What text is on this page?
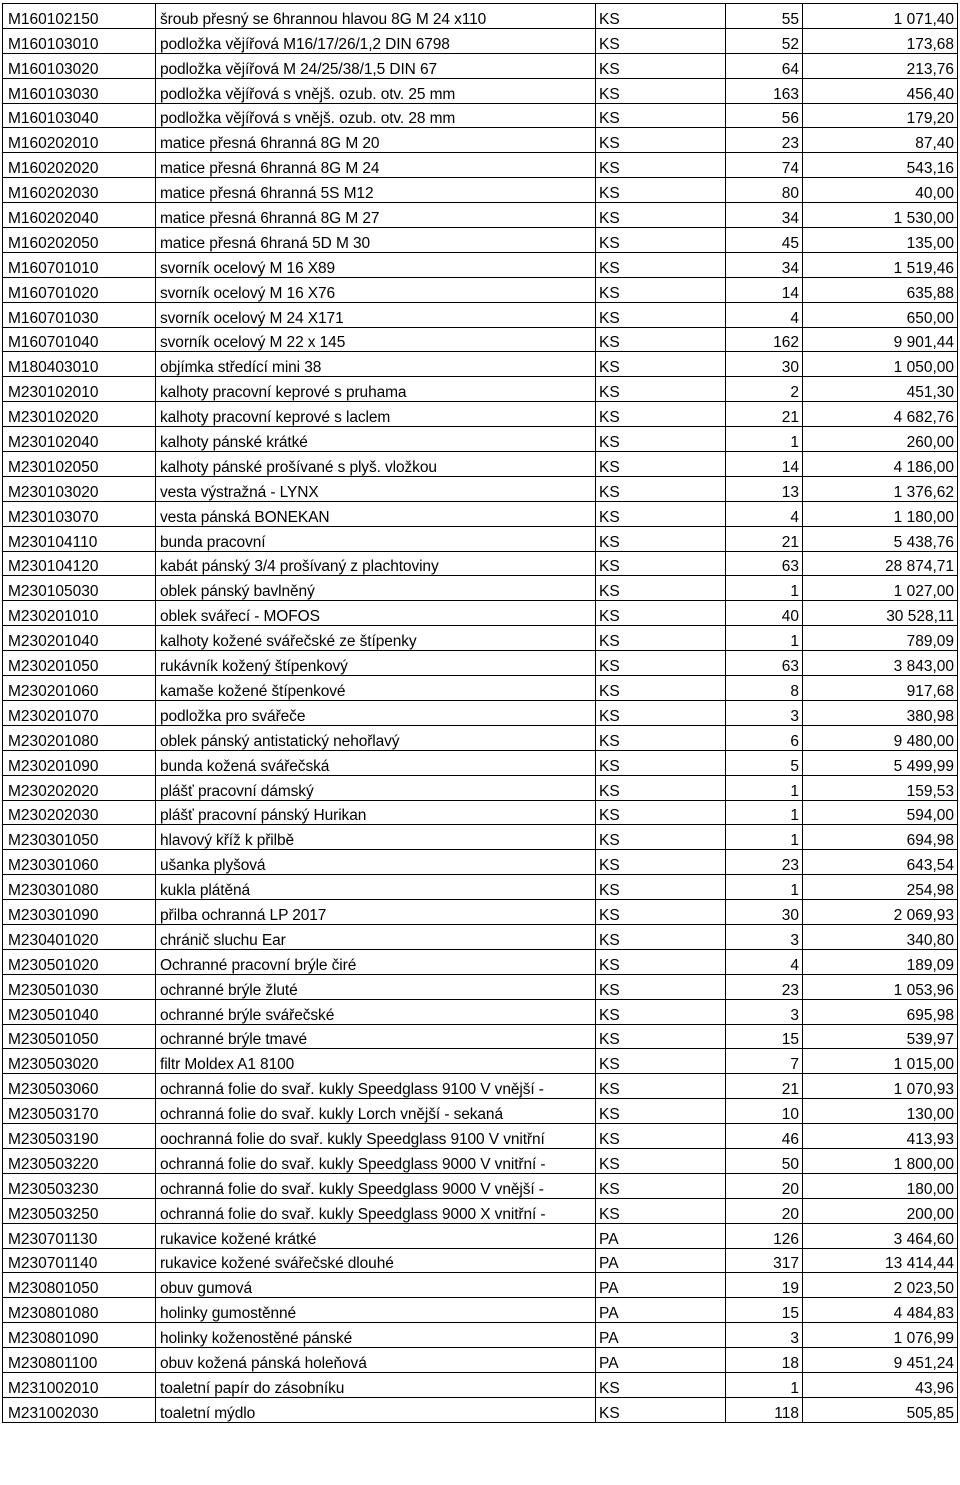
M160102150	šroub přesný se 6hrannou hlavou 8G M 24 x110	KS	55	1 071,40
M160103010	podložka vějířová M16/17/26/1,2 DIN 6798	KS	52	173,68
M160103020	podložka vějířová M 24/25/38/1,5 DIN 67	KS	64	213,76
M160103030	podložka vějířová s vnějš. ozub. otv. 25 mm	KS	163	456,40
M160103040	podložka vějířová s vnějš. ozub. otv. 28 mm	KS	56	179,20
M160202010	matice přesná 6hranná 8G M 20	KS	23	87,40
M160202020	matice přesná 6hranná 8G M 24	KS	74	543,16
M160202030	matice přesná 6hranná 5S M12	KS	80	40,00
M160202040	matice přesná 6hranná 8G M 27	KS	34	1 530,00
M160202050	matice přesná 6hraná 5D M 30	KS	45	135,00
M160701010	svorník ocelový M 16 X89	KS	34	1 519,46
M160701020	svorník ocelový M 16 X76	KS	14	635,88
M160701030	svorník ocelový M 24 X171	KS	4	650,00
M160701040	svorník ocelový M 22 x 145	KS	162	9 901,44
M180403010	objímka středící mini 38	KS	30	1 050,00
M230102010	kalhoty pracovní keprové s pruhama	KS	2	451,30
M230102020	kalhoty pracovní keprové s laclem	KS	21	4 682,76
M230102040	kalhoty pánské krátké	KS	1	260,00
M230102050	kalhoty pánské prošívané s plyš. vložkou	KS	14	4 186,00
M230103020	vesta výstražná - LYNX	KS	13	1 376,62
M230103070	vesta pánská BONEKAN	KS	4	1 180,00
M230104110	bunda pracovní	KS	21	5 438,76
M230104120	kabát pánský 3/4 prošívaný z plachtoviny	KS	63	28 874,71
M230105030	oblek pánský bavlněný	KS	1	1 027,00
M230201010	oblek svářecí - MOFOS	KS	40	30 528,11
M230201040	kalhoty kožené svářečské ze štípenky	KS	1	789,09
M230201050	rukávník kožený štípenkový	KS	63	3 843,00
M230201060	kamaše kožené štípenkové	KS	8	917,68
M230201070	podložka pro svářeče	KS	3	380,98
M230201080	oblek pánský antistatický nehořlavý	KS	6	9 480,00
M230201090	bunda kožená svářečská	KS	5	5 499,99
M230202020	plášť pracovní dámský	KS	1	159,53
M230202030	plášť pracovní pánský Hurikan	KS	1	594,00
M230301050	hlavový kříž k přilbě	KS	1	694,98
M230301060	ušanka plyšová	KS	23	643,54
M230301080	kukla plátěná	KS	1	254,98
M230301090	přilba ochranná LP 2017	KS	30	2 069,93
M230401020	chránič sluchu Ear	KS	3	340,80
M230501020	Ochranné pracovní brýle čiré	KS	4	189,09
M230501030	ochranné brýle žluté	KS	23	1 053,96
M230501040	ochranné brýle svářečské	KS	3	695,98
M230501050	ochranné brýle tmavé	KS	15	539,97
M230503020	filtr Moldex A1 8100	KS	7	1 015,00
M230503060	ochranná folie do svař. kukly Speedglass 9100 V vnější -	KS	21	1 070,93
M230503170	ochranná folie do svař. kukly Lorch vnější - sekaná	KS	10	130,00
M230503190	oochranná folie do svař. kukly Speedglass 9100 V vnitřní	KS	46	413,93
M230503220	ochranná folie do svař. kukly Speedglass 9000 V vnitřní -	KS	50	1 800,00
M230503230	ochranná folie do svař. kukly Speedglass 9000 V vnější -	KS	20	180,00
M230503250	ochranná folie do svař. kukly Speedglass 9000 X vnitřní -	KS	20	200,00
M230701130	rukavice kožené krátké	PA	126	3 464,60
M230701140	rukavice kožené svářečské dlouhé	PA	317	13 414,44
M230801050	obuv gumová	PA	19	2 023,50
M230801080	holinky gumostěnné	PA	15	4 484,83
M230801090	holinky koženostěné pánské	PA	3	1 076,99
M230801100	obuv kožená pánská holeňová	PA	18	9 451,24
M231002010	toaletní papír do zásobníku	KS	1	43,96
M231002030	toaletní mýdlo	KS	118	505,85
